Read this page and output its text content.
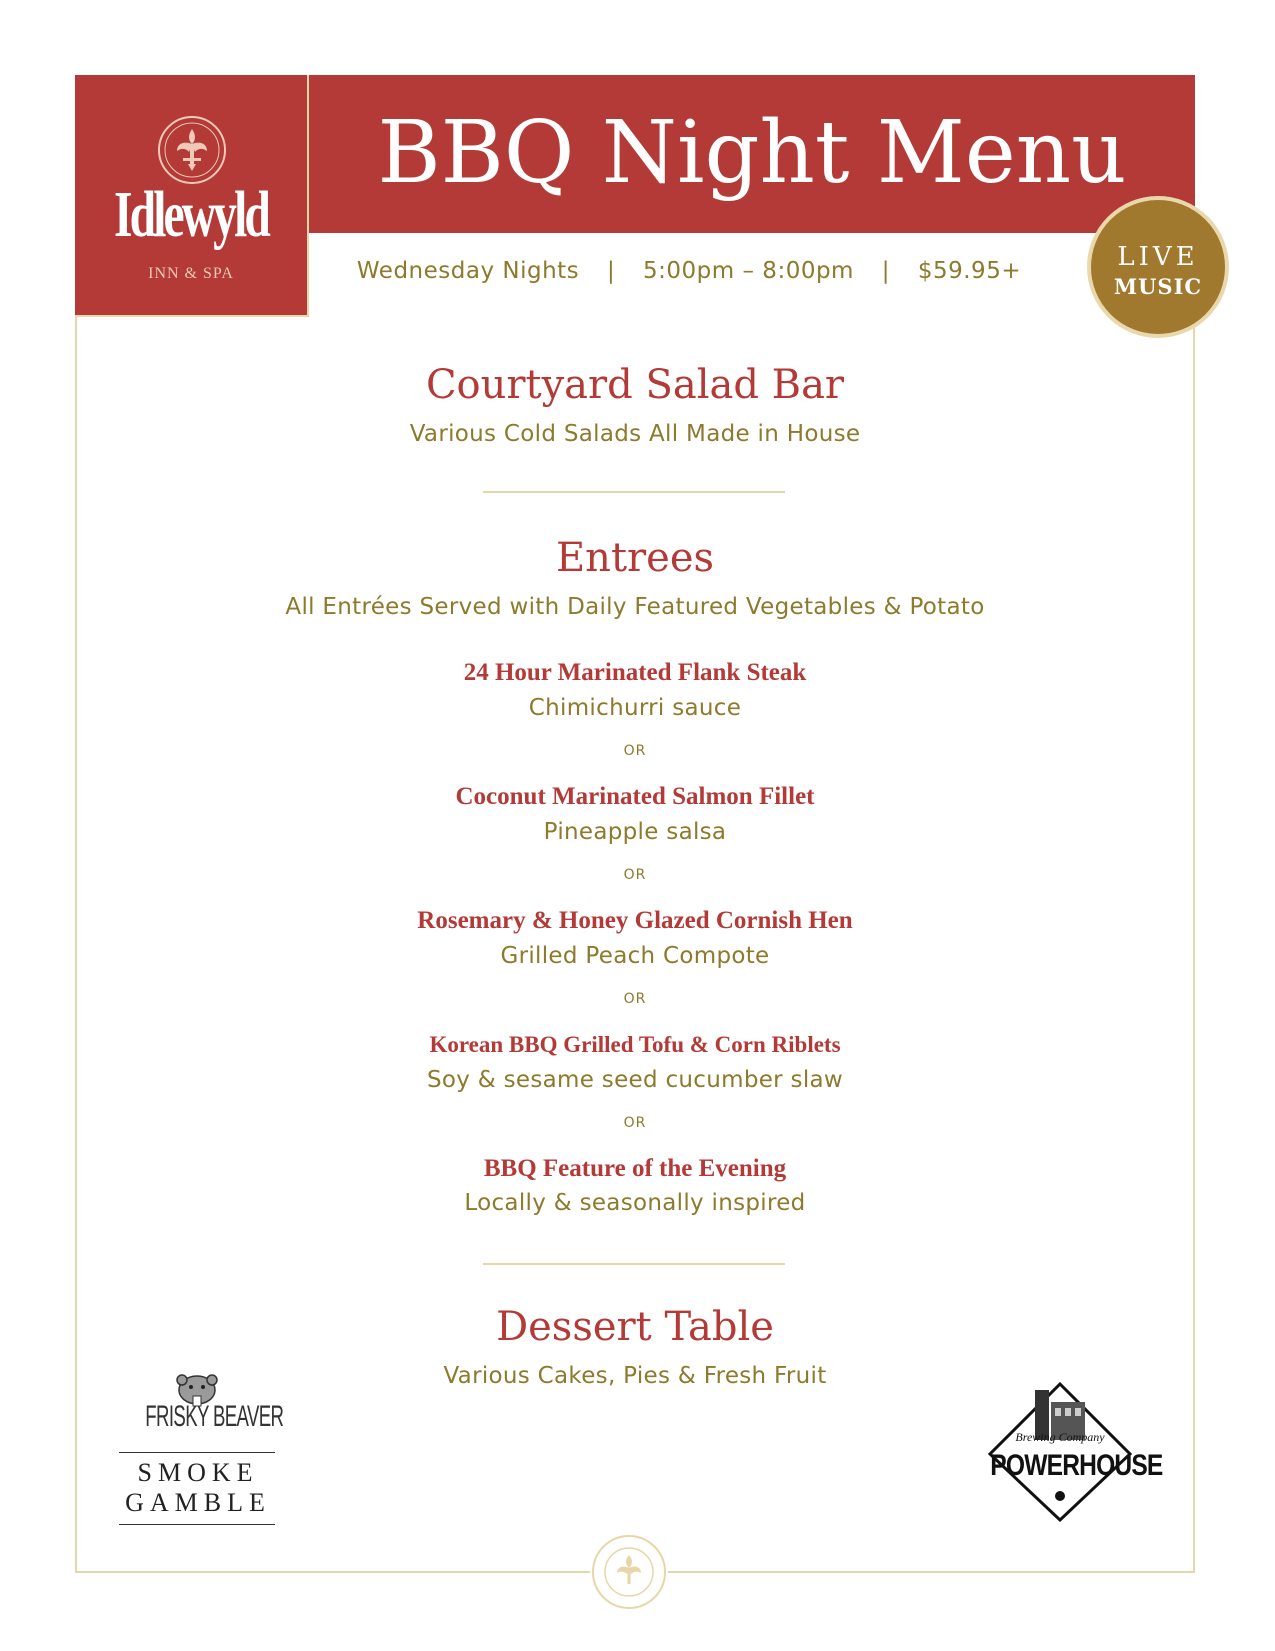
Idlewyld
INN & SPA
BBQ Night Menu
Wednesday Nights | 5:00pm – 8:00pm | $59.95+	LIVE
MUSIC
Courtyard Salad Bar
Various Cold Salads All Made in House
Entrees
All Entrées Served with Daily Featured Vegetables & Potato
24 Hour Marinated Flank Steak
Chimichurri sauce
OR
Coconut Marinated Salmon Fillet
Pineapple salsa
OR
Rosemary & Honey Glazed Cornish Hen
Grilled Peach Compote
OR
Korean BBQ Grilled Tofu & Corn Riblets
Soy & sesame seed cucumber slaw
OR
BBQ Feature of the Evening
Locally & seasonally inspired
Dessert Table
Various Cakes, Pies & Fresh Fruit
FRISKY BEAVER
SMOKE
GAMBLE
Brewing Company
POWERHOUSE
